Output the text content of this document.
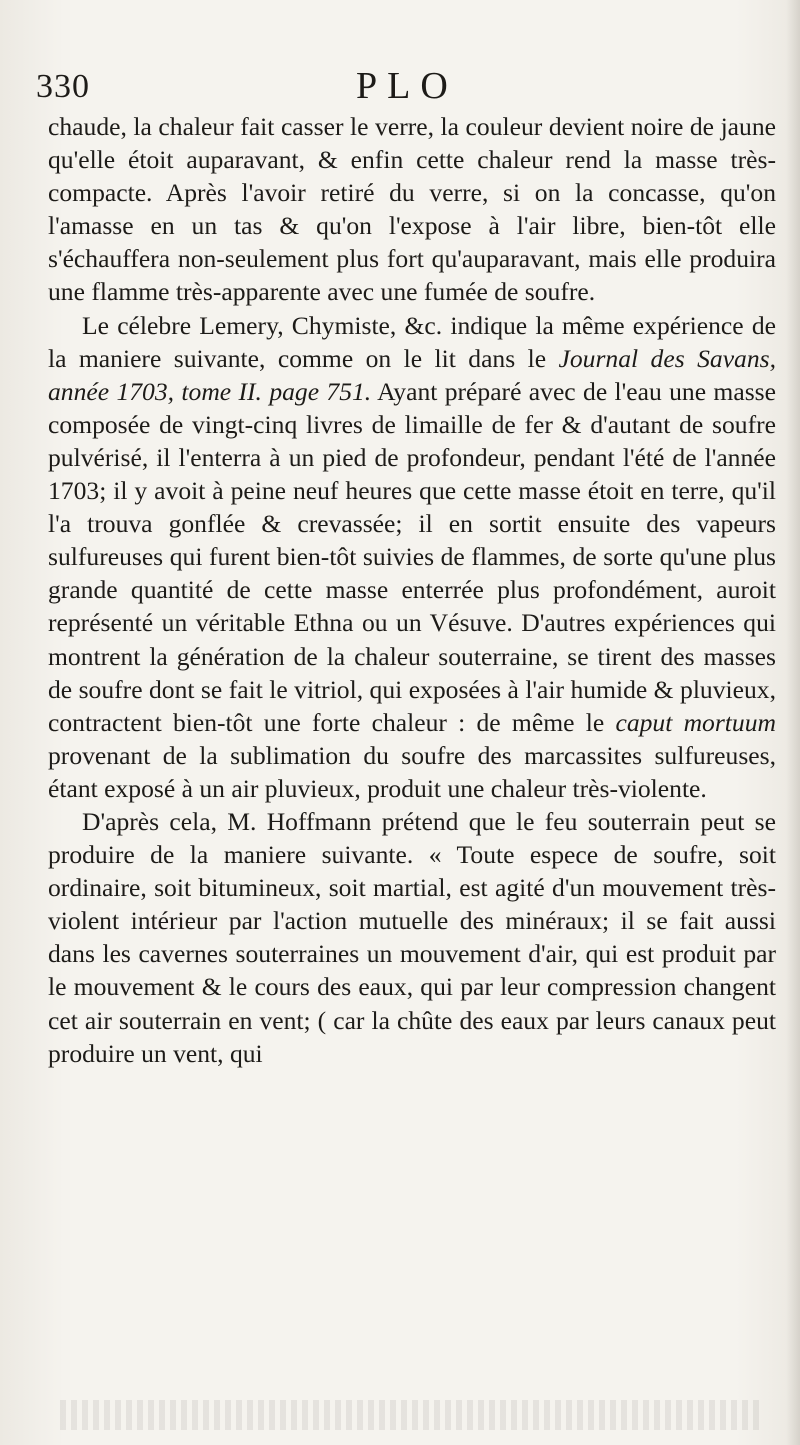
330	PLO

chaude, la chaleur fait casser le verre, la couleur devient noire de jaune qu'elle étoit auparavant, & enfin cette chaleur rend la masse très-compacte. Après l'avoir retiré du verre, si on la concasse, qu'on l'amasse en un tas & qu'on l'expose à l'air libre, bien-tôt elle s'échauffera non-seulement plus fort qu'auparavant, mais elle produira une flamme très-apparente avec une fumée de soufre.

Le célebre Lemery, Chymiste, &c. indique la même expérience de la maniere suivante, comme on le lit dans le Journal des Savans, année 1703, tome II. page 751. Ayant préparé avec de l'eau une masse composée de vingt-cinq livres de limaille de fer & d'autant de soufre pulvérisé, il l'enterra à un pied de profondeur, pendant l'été de l'année 1703; il y avoit à peine neuf heures que cette masse étoit en terre, qu'il l'a trouva gonflée & crevassée; il en sortit ensuite des vapeurs sulfureuses qui furent bien-tôt suivies de flammes, de sorte qu'une plus grande quantité de cette masse enterrée plus profondément, auroit représenté un véritable Ethna ou un Vésuve. D'autres expériences qui montrent la génération de la chaleur souterraine, se tirent des masses de soufre dont se fait le vitriol, qui exposées à l'air humide & pluvieux, contractent bien-tôt une forte chaleur : de même le caput mortuum provenant de la sublimation du soufre des marcassites sulfureuses, étant exposé à un air pluvieux, produit une chaleur très-violente.

D'après cela, M. Hoffmann prétend que le feu souterrain peut se produire de la maniere suivante. « Toute espece de soufre, soit ordinaire, soit bitumineux, soit martial, est agité d'un mouvement très-violent intérieur par l'action mutuelle des minéraux; il se fait aussi dans les cavernes souterraines un mouvement d'air, qui est produit par le mouvement & le cours des eaux, qui par leur compression changent cet air souterrain en vent; ( car la chûte des eaux par leurs canaux peut produire un vent, qui
